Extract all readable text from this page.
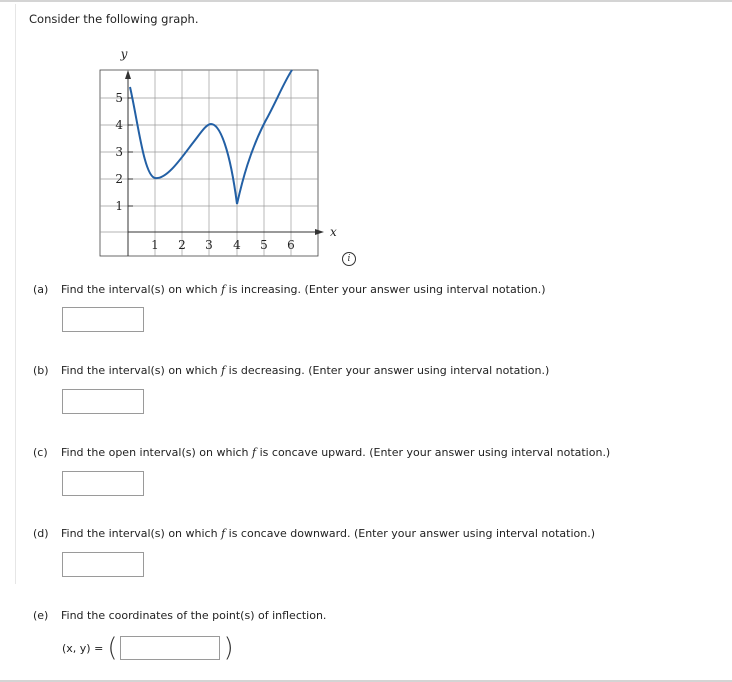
Consider the following graph.
y
x
5
4
3
2
1
1 2 3 4 5 6
i
(a) Find the interval(s) on which f is increasing. (Enter your answer using interval notation.)
(b) Find the interval(s) on which f is decreasing. (Enter your answer using interval notation.)
(c) Find the open interval(s) on which f is concave upward. (Enter your answer using interval notation.)
(d) Find the interval(s) on which f is concave downward. (Enter your answer using interval notation.)
(e) Find the coordinates of the point(s) of inflection.
(x, y) = (	)
